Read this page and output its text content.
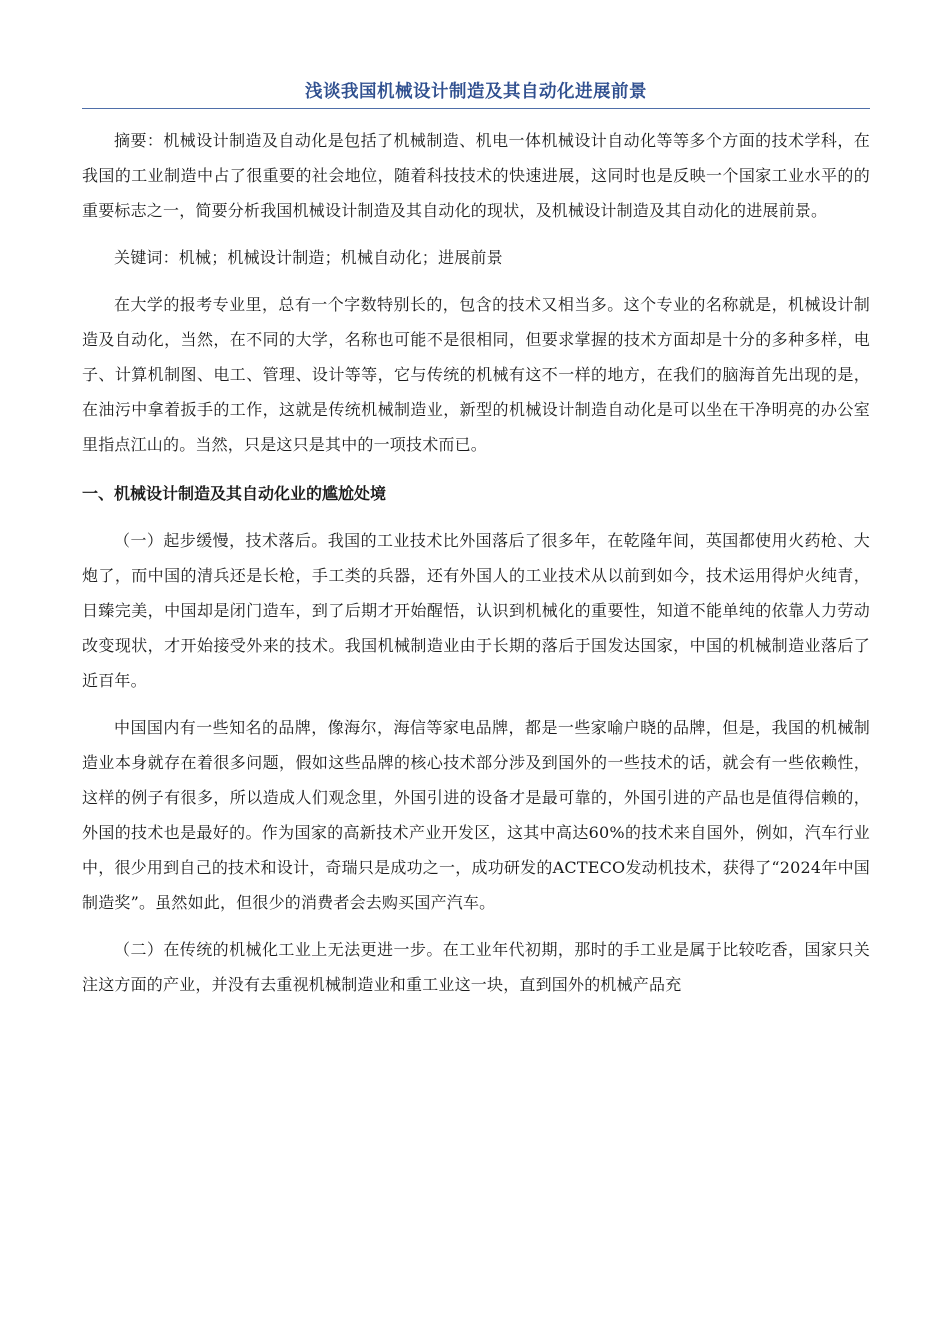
浅谈我国机械设计制造及其自动化进展前景

摘要：机械设计制造及自动化是包括了机械制造、机电一体机械设计自动化等等多个方面的技术学科，在我国的工业制造中占了很重要的社会地位，随着科技技术的快速进展，这同时也是反映一个国家工业水平的的重要标志之一，简要分析我国机械设计制造及其自动化的现状，及机械设计制造及其自动化的进展前景。

关键词：机械；机械设计制造；机械自动化；进展前景

在大学的报考专业里，总有一个字数特别长的，包含的技术又相当多。这个专业的名称就是，机械设计制造及自动化，当然，在不同的大学，名称也可能不是很相同，但要求掌握的技术方面却是十分的多种多样，电子、计算机制图、电工、管理、设计等等，它与传统的机械有这不一样的地方，在我们的脑海首先出现的是，在油污中拿着扳手的工作，这就是传统机械制造业，新型的机械设计制造自动化是可以坐在干净明亮的办公室里指点江山的。当然，只是这只是其中的一项技术而已。

一、机械设计制造及其自动化业的尴尬处境

（一）起步缓慢，技术落后。我国的工业技术比外国落后了很多年，在乾隆年间，英国都使用火药枪、大炮了，而中国的清兵还是长枪，手工类的兵器，还有外国人的工业技术从以前到如今，技术运用得炉火纯青，日臻完美，中国却是闭门造车，到了后期才开始醒悟，认识到机械化的重要性，知道不能单纯的依靠人力劳动改变现状，才开始接受外来的技术。我国机械制造业由于长期的落后于国发达国家，中国的机械制造业落后了近百年。

中国国内有一些知名的品牌，像海尔，海信等家电品牌，都是一些家喻户晓的品牌，但是，我国的机械制造业本身就存在着很多问题，假如这些品牌的核心技术部分涉及到国外的一些技术的话，就会有一些依赖性，这样的例子有很多，所以造成人们观念里，外国引进的设备才是最可靠的，外国引进的产品也是值得信赖的，外国的技术也是最好的。作为国家的高新技术产业开发区，这其中高达60%的技术来自国外，例如，汽车行业中，很少用到自己的技术和设计，奇瑞只是成功之一，成功研发的ACTECO发动机技术，获得了“2024年中国制造奖”。虽然如此，但很少的消费者会去购买国产汽车。

（二）在传统的机械化工业上无法更进一步。在工业年代初期，那时的手工业是属于比较吃香，国家只关注这方面的产业，并没有去重视机械制造业和重工业这一块，直到国外的机械产品充
